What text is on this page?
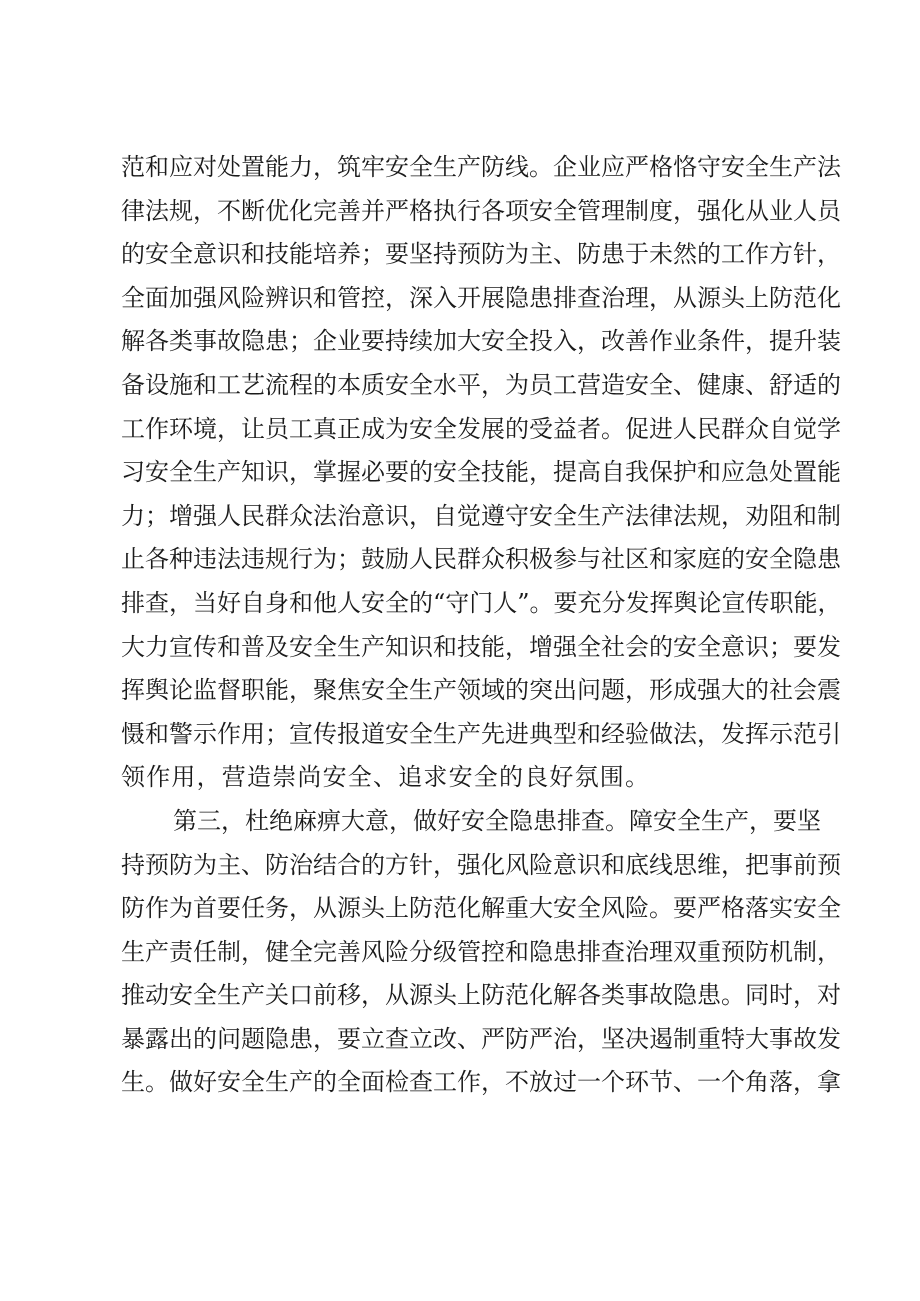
范和应对处置能力，筑牢安全生产防线。企业应严格恪守安全生产法
律法规，不断优化完善并严格执行各项安全管理制度，强化从业人员
的安全意识和技能培养；要坚持预防为主、防患于未然的工作方针，
全面加强风险辨识和管控，深入开展隐患排查治理，从源头上防范化
解各类事故隐患；企业要持续加大安全投入，改善作业条件，提升装
备设施和工艺流程的本质安全水平，为员工营造安全、健康、舒适的
工作环境，让员工真正成为安全发展的受益者。促进人民群众自觉学
习安全生产知识，掌握必要的安全技能，提高自我保护和应急处置能
力；增强人民群众法治意识，自觉遵守安全生产法律法规，劝阻和制
止各种违法违规行为；鼓励人民群众积极参与社区和家庭的安全隐患
排查，当好自身和他人安全的“守门人”。要充分发挥舆论宣传职能，
大力宣传和普及安全生产知识和技能，增强全社会的安全意识；要发
挥舆论监督职能，聚焦安全生产领域的突出问题，形成强大的社会震
慑和警示作用；宣传报道安全生产先进典型和经验做法，发挥示范引
领作用，营造崇尚安全、追求安全的良好氛围。
第三，杜绝麻痹大意，做好安全隐患排查。障安全生产，要坚
持预防为主、防治结合的方针，强化风险意识和底线思维，把事前预
防作为首要任务，从源头上防范化解重大安全风险。要严格落实安全
生产责任制，健全完善风险分级管控和隐患排查治理双重预防机制，
推动安全生产关口前移，从源头上防范化解各类事故隐患。同时，对
暴露出的问题隐患，要立查立改、严防严治，坚决遏制重特大事故发
生。做好安全生产的全面检查工作，不放过一个环节、一个角落，拿
